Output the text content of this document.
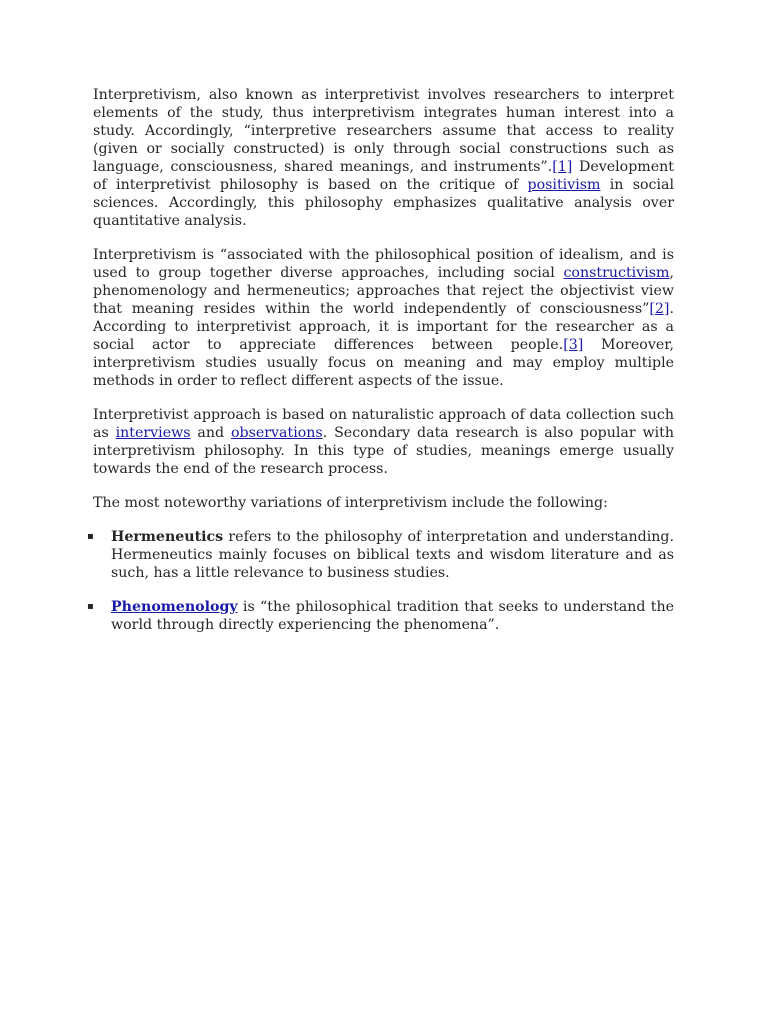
Interpretivism, also known as interpretivist involves researchers to interpret elements of the study, thus interpretivism integrates human interest into a study. Accordingly, “interpretive researchers assume that access to reality (given or socially constructed) is only through social constructions such as language, consciousness, shared meanings, and instruments”.[1] Development of interpretivist philosophy is based on the critique of positivism in social sciences. Accordingly, this philosophy emphasizes qualitative analysis over quantitative analysis.

Interpretivism is “associated with the philosophical position of idealism, and is used to group together diverse approaches, including social constructivism, phenomenology and hermeneutics; approaches that reject the objectivist view that meaning resides within the world independently of consciousness”[2]. According to interpretivist approach, it is important for the researcher as a social actor to appreciate differences between people.[3] Moreover, interpretivism studies usually focus on meaning and may employ multiple methods in order to reflect different aspects of the issue.

Interpretivist approach is based on naturalistic approach of data collection such as interviews and observations. Secondary data research is also popular with interpretivism philosophy. In this type of studies, meanings emerge usually towards the end of the research process.

The most noteworthy variations of interpretivism include the following:

▪ Hermeneutics refers to the philosophy of interpretation and understanding. Hermeneutics mainly focuses on biblical texts and wisdom literature and as such, has a little relevance to business studies.
▪ Phenomenology is “the philosophical tradition that seeks to understand the world through directly experiencing the phenomena”.
